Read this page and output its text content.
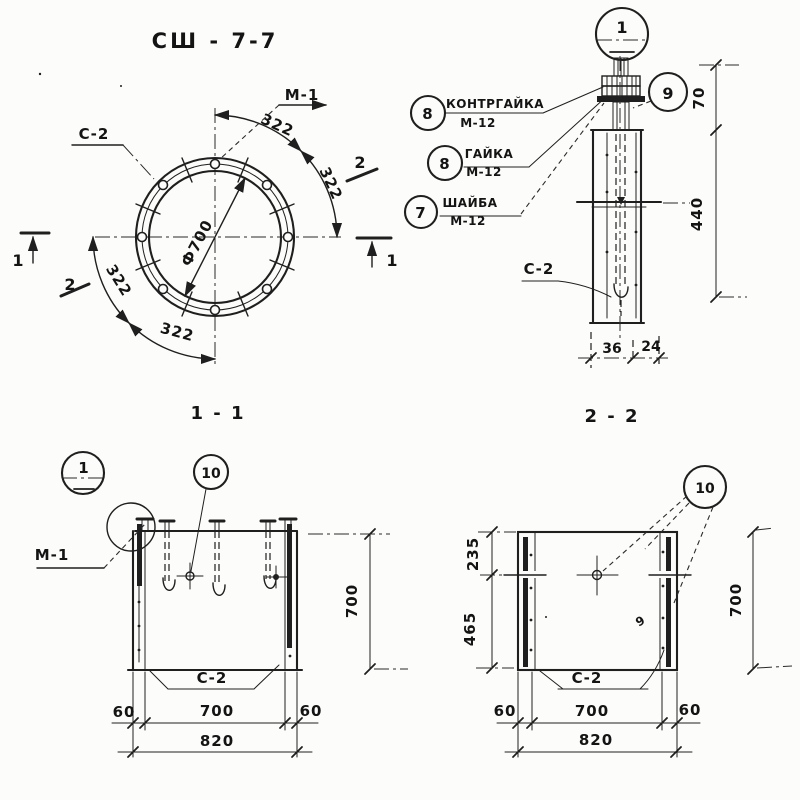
СШ - 7-7
Ф700
322
322
322
322
1	1
2
2
С-2
М-1
1
8
КОНТРГАЙКА
М-12
8
ГАЙКА
М-12
7
ШАЙБА
М-12
9
С-2
70
440
36 24
2 - 2
1 - 1
1	10
М-1
С-2
700
60	700	60
820
10
9
С-2
235
465
700
60	700	60
820
